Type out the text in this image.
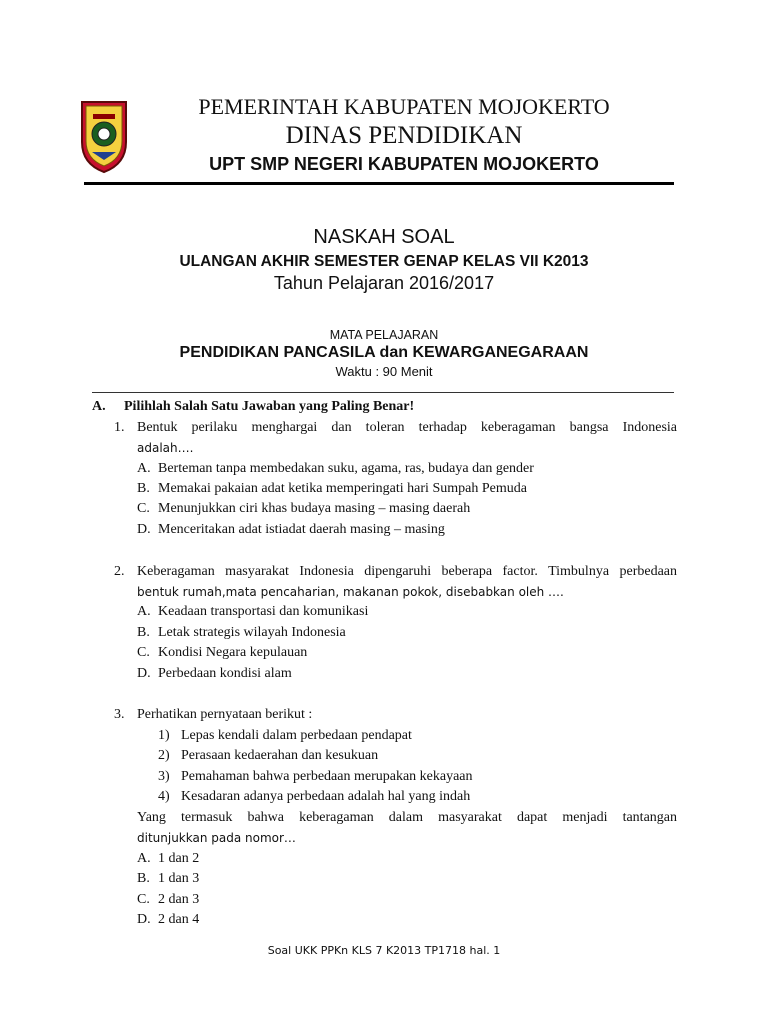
PEMERINTAH KABUPATEN MOJOKERTO
DINAS PENDIDIKAN
UPT SMP NEGERI KABUPATEN MOJOKERTO
NASKAH SOAL
ULANGAN AKHIR SEMESTER GENAP KELAS VII K2013
Tahun Pelajaran 2016/2017
MATA PELAJARAN
PENDIDIKAN PANCASILA dan KEWARGANEGARAAN
Waktu : 90 Menit
A. Pilihlah Salah Satu Jawaban yang Paling Benar!
1. Bentuk perilaku menghargai dan toleran terhadap keberagaman bangsa Indonesia
adalah….
A. Berteman tanpa membedakan suku, agama, ras, budaya dan gender
B. Memakai pakaian adat ketika memperingati hari Sumpah Pemuda
C. Menunjukkan ciri khas budaya masing – masing daerah
D. Menceritakan adat istiadat daerah masing – masing
2. Keberagaman masyarakat Indonesia dipengaruhi beberapa factor. Timbulnya perbedaan
bentuk rumah,mata pencaharian, makanan pokok, disebabkan oleh ….
A. Keadaan transportasi dan komunikasi
B. Letak strategis wilayah Indonesia
C. Kondisi Negara kepulauan
D. Perbedaan kondisi alam
3. Perhatikan pernyataan berikut :
1) Lepas kendali dalam perbedaan pendapat
2) Perasaan kedaerahan dan kesukuan
3) Pemahaman bahwa perbedaan merupakan kekayaan
4) Kesadaran adanya perbedaan adalah hal yang indah
Yang termasuk bahwa keberagaman dalam masyarakat dapat menjadi tantangan
ditunjukkan pada nomor…
A. 1 dan 2
B. 1 dan 3
C. 2 dan 3
D. 2 dan 4
Soal UKK PPKn KLS 7 K2013 TP1718 hal. 1
